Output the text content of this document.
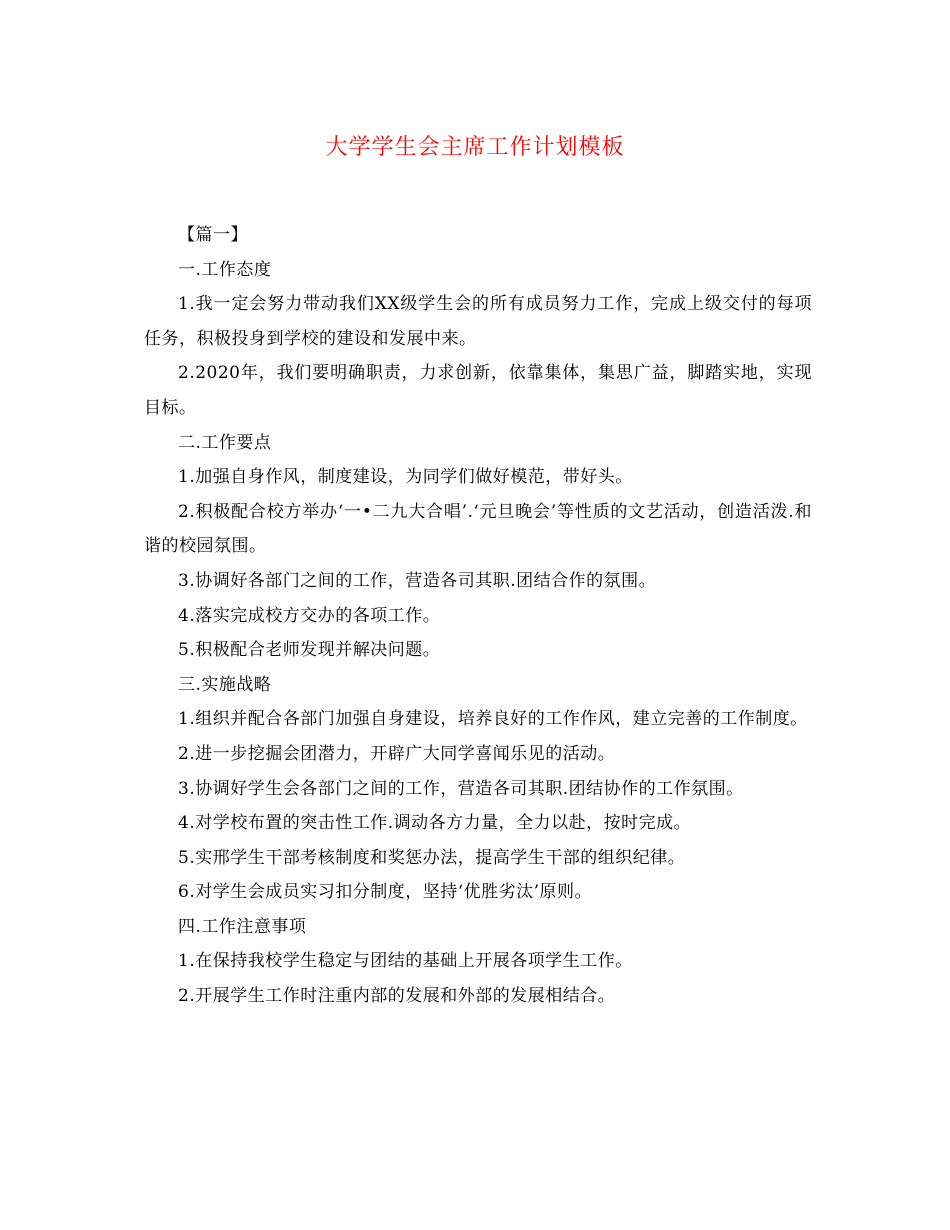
大学学生会主席工作计划模板

【篇一】

一.工作态度

1.我一定会努力带动我们XX级学生会的所有成员努力工作，完成上级交付的每项任务，积极投身到学校的建设和发展中来。

2.2020年，我们要明确职责，力求创新，依靠集体，集思广益，脚踏实地，实现目标。

二.工作要点

1.加强自身作风，制度建设，为同学们做好模范，带好头。

2.积极配合校方举办‘一•二九大合唱’.‘元旦晚会’等性质的文艺活动，创造活泼.和谐的校园氛围。

3.协调好各部门之间的工作，营造各司其职.团结合作的氛围。

4.落实完成校方交办的各项工作。

5.积极配合老师发现并解决问题。

三.实施战略

1.组织并配合各部门加强自身建设，培养良好的工作作风，建立完善的工作制度。

2.进一步挖掘会团潜力，开辟广大同学喜闻乐见的活动。

3.协调好学生会各部门之间的工作，营造各司其职.团结协作的工作氛围。

4.对学校布置的突击性工作.调动各方力量，全力以赴，按时完成。

5.实邢学生干部考核制度和奖惩办法，提高学生干部的组织纪律。

6.对学生会成员实习扣分制度，坚持‘优胜劣汰’原则。

四.工作注意事项

1.在保持我校学生稳定与团结的基础上开展各项学生工作。

2.开展学生工作时注重内部的发展和外部的发展相结合。
